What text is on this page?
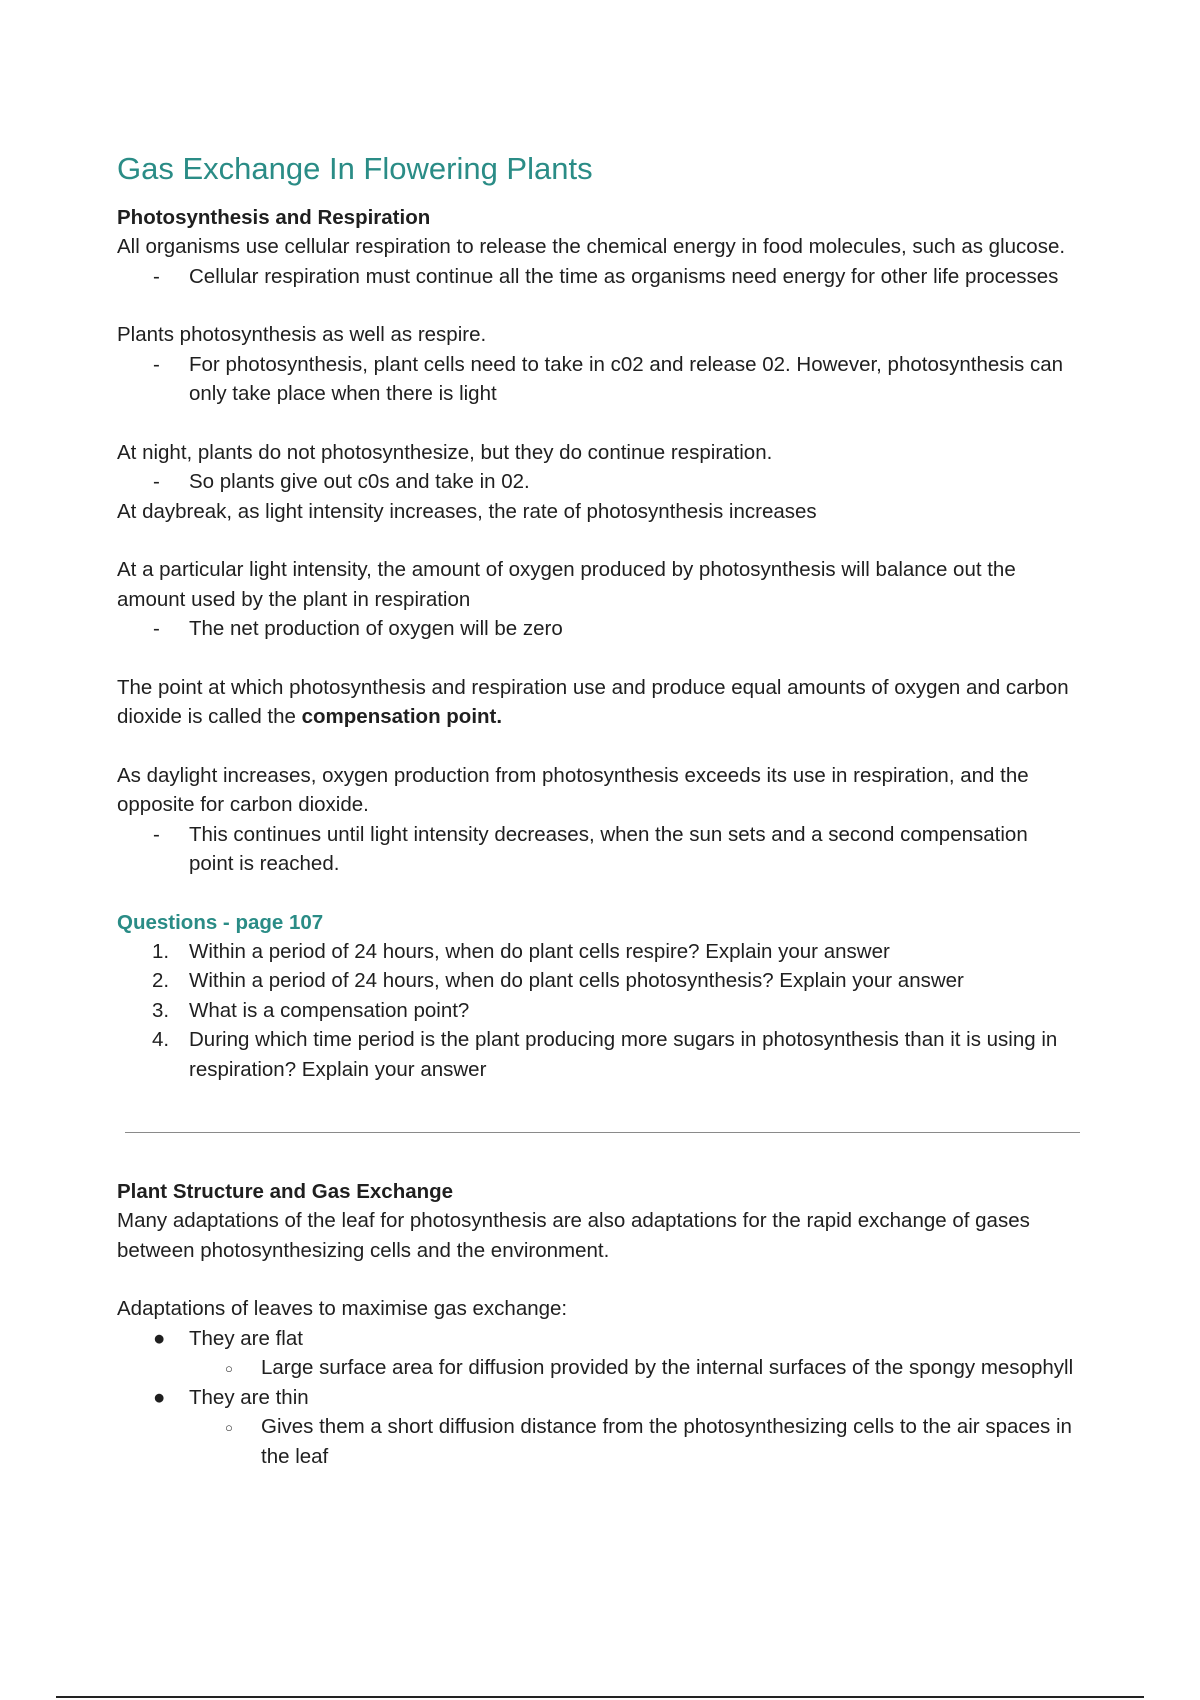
Gas Exchange In Flowering Plants
Photosynthesis and Respiration

All organisms use cellular respiration to release the chemical energy in food molecules, such as glucose.

- Cellular respiration must continue all the time as organisms need energy for other life processes

Plants photosynthesis as well as respire.

- For photosynthesis, plant cells need to take in c02 and release 02. However, photosynthesis can only take place when there is light

At night, plants do not photosynthesize, but they do continue respiration.

- So plants give out c0s and take in 02.

At daybreak, as light intensity increases, the rate of photosynthesis increases

At a particular light intensity, the amount of oxygen produced by photosynthesis will balance out the amount used by the plant in respiration

- The net production of oxygen will be zero

The point at which photosynthesis and respiration use and produce equal amounts of oxygen and carbon dioxide is called the compensation point.

As daylight increases, oxygen production from photosynthesis exceeds its use in respiration, and the opposite for carbon dioxide.

- This continues until light intensity decreases, when the sun sets and a second compensation point is reached.
Questions - page 107
1. Within a period of 24 hours, when do plant cells respire? Explain your answer
2. Within a period of 24 hours, when do plant cells photosynthesis? Explain your answer
3. What is a compensation point?
4. During which time period is the plant producing more sugars in photosynthesis than it is using in respiration? Explain your answer
Plant Structure and Gas Exchange

Many adaptations of the leaf for photosynthesis are also adaptations for the rapid exchange of gases between photosynthesizing cells and the environment.

Adaptations of leaves to maximise gas exchange:

● They are flat
○ Large surface area for diffusion provided by the internal surfaces of the spongy mesophyll
● They are thin
○ Gives them a short diffusion distance from the photosynthesizing cells to the air spaces in the leaf
